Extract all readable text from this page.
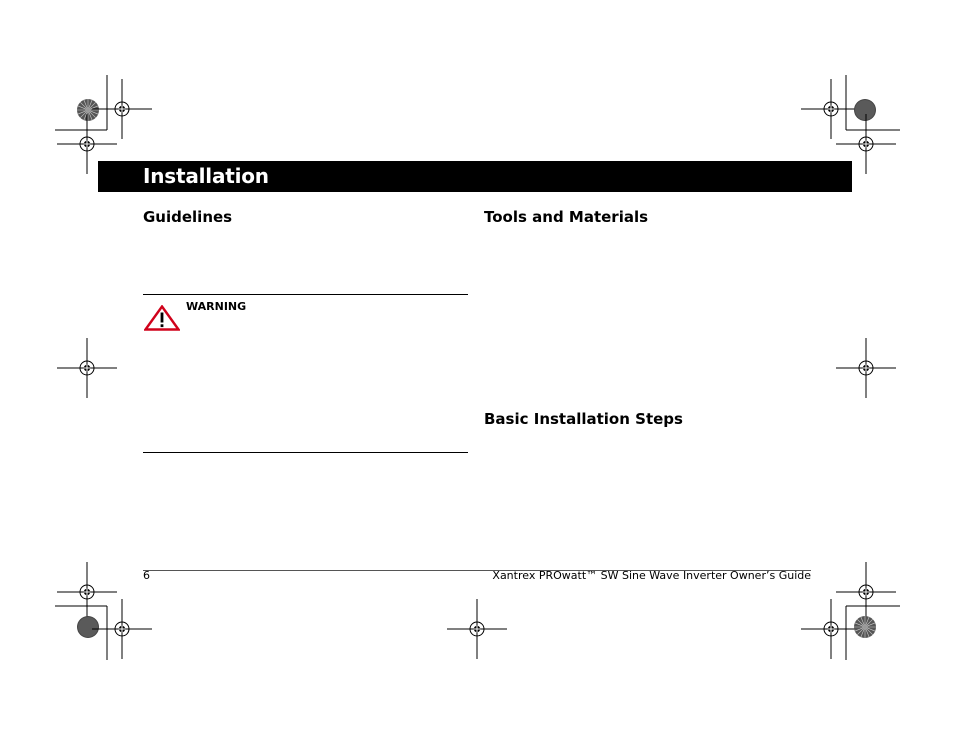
Installation
Guidelines
WARNING
Tools and Materials
Basic Installation Steps
6	Xantrex PROwatt™ SW Sine Wave Inverter Owner’s Guide
